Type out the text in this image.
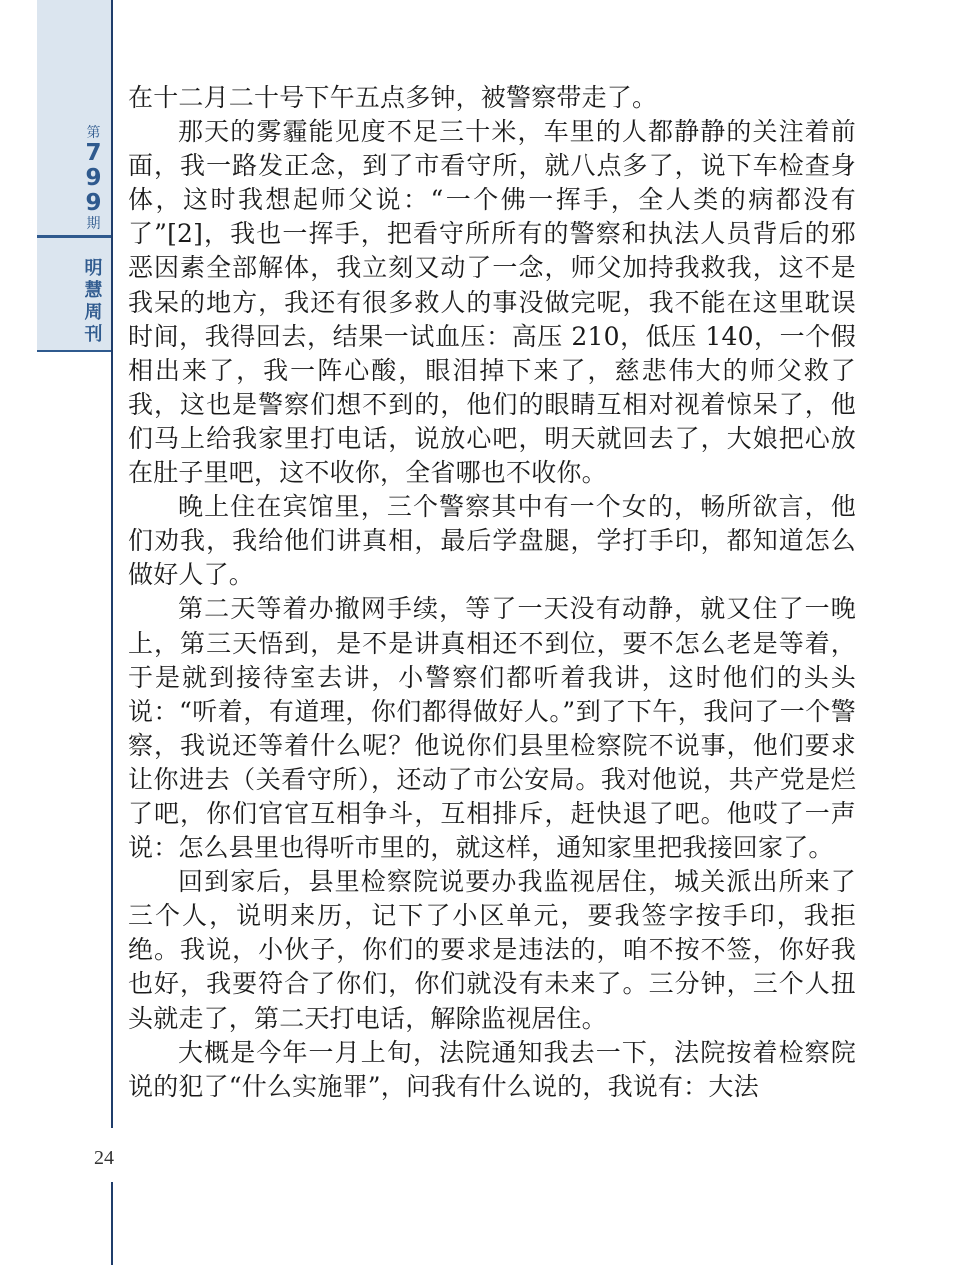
第
7
9
9
期
明
慧
周
刊
24

在十二月二十号下午五点多钟，被警察带走了。

那天的雾霾能见度不足三十米，车里的人都静静的关注着前面，我一路发正念，到了市看守所，就八点多了，说下车检查身体，这时我想起师父说：“一个佛一挥手，全人类的病都没有了”[2]，我也一挥手，把看守所所有的警察和执法人员背后的邪恶因素全部解体，我立刻又动了一念，师父加持我救我，这不是我呆的地方，我还有很多救人的事没做完呢，我不能在这里耽误时间，我得回去，结果一试血压：高压 210，低压 140，一个假相出来了，我一阵心酸，眼泪掉下来了，慈悲伟大的师父救了我，这也是警察们想不到的，他们的眼睛互相对视着惊呆了，他们马上给我家里打电话，说放心吧，明天就回去了，大娘把心放在肚子里吧，这不收你，全省哪也不收你。

晚上住在宾馆里，三个警察其中有一个女的，畅所欲言，他们劝我，我给他们讲真相，最后学盘腿，学打手印，都知道怎么做好人了。

第二天等着办撤网手续，等了一天没有动静，就又住了一晚上，第三天悟到，是不是讲真相还不到位，要不怎么老是等着，于是就到接待室去讲，小警察们都听着我讲，这时他们的头头说：“听着，有道理，你们都得做好人。”到了下午，我问了一个警察，我说还等着什么呢？他说你们县里检察院不说事，他们要求让你进去（关看守所），还动了市公安局。我对他说，共产党是烂了吧，你们官官互相争斗，互相排斥，赶快退了吧。他哎了一声说：怎么县里也得听市里的，就这样，通知家里把我接回家了。

回到家后，县里检察院说要办我监视居住，城关派出所来了三个人，说明来历，记下了小区单元，要我签字按手印，我拒绝。我说，小伙子，你们的要求是违法的，咱不按不签，你好我也好，我要符合了你们，你们就没有未来了。三分钟，三个人扭头就走了，第二天打电话，解除监视居住。

大概是今年一月上旬，法院通知我去一下，法院按着检察院说的犯了“什么实施罪”，问我有什么说的，我说有：大法
